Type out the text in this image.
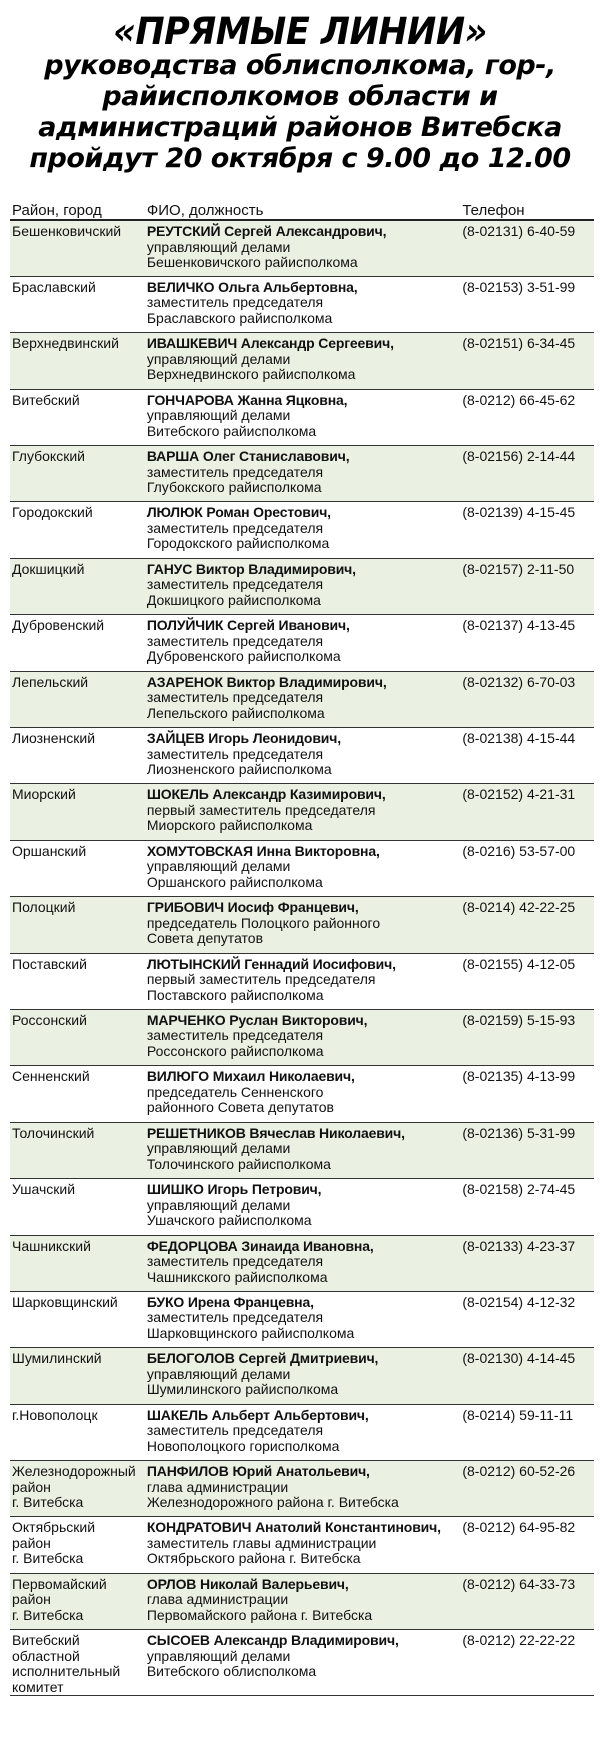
«ПРЯМЫЕ ЛИНИИ»
руководства облисполкома, гор-,
райисполкомов области и
администраций районов Витебска
пройдут 20 октября с 9.00 до 12.00
Район, город	ФИО, должность	Телефон

Бешенковичский	РЕУТСКИЙ Сергей Александрович,
управляющий делами
Бешенковичского райисполкома	(8-02131) 6-40-59

Браславский	ВЕЛИЧКО Ольга Альбертовна,
заместитель председателя
Браславского райисполкома	(8-02153) 3-51-99

Верхнедвинский	ИВАШКЕВИЧ Александр Сергеевич,
управляющий делами
Верхнедвинского райисполкома	(8-02151) 6-34-45

Витебский	ГОНЧАРОВА Жанна Яцковна,
управляющий делами
Витебского райисполкома	(8-0212) 66-45-62

Глубокский	ВАРША Олег Станиславович,
заместитель председателя
Глубокского райисполкома	(8-02156) 2-14-44

Городокский	ЛЮЛЮК Роман Орестович,
заместитель председателя
Городокского райисполкома	(8-02139) 4-15-45

Докшицкий	ГАНУС Виктор Владимирович,
заместитель председателя
Докшицкого райисполкома	(8-02157) 2-11-50

Дубровенский	ПОЛУЙЧИК Сергей Иванович,
заместитель председателя
Дубровенского райисполкома	(8-02137) 4-13-45

Лепельский	АЗАРЕНОК Виктор Владимирович,
заместитель председателя
Лепельского райисполкома	(8-02132) 6-70-03

Лиозненский	ЗАЙЦЕВ Игорь Леонидович,
заместитель председателя
Лиозненского райисполкома	(8-02138) 4-15-44

Миорский	ШОКЕЛЬ Александр Казимирович,
первый заместитель председателя
Миорского райисполкома	(8-02152) 4-21-31

Оршанский	ХОМУТОВСКАЯ Инна Викторовна,
управляющий делами
Оршанского райисполкома	(8-0216) 53-57-00

Полоцкий	ГРИБОВИЧ Иосиф Францевич,
председатель Полоцкого районного
Совета депутатов	(8-0214) 42-22-25

Поставский	ЛЮТЫНСКИЙ Геннадий Иосифович,
первый заместитель председателя
Поставского райисполкома	(8-02155) 4-12-05

Россонский	МАРЧЕНКО Руслан Викторович,
заместитель председателя
Россонского райисполкома	(8-02159) 5-15-93

Сенненский	ВИЛЮГО Михаил Николаевич,
председатель Сенненского
районного Совета депутатов	(8-02135) 4-13-99

Толочинский	РЕШЕТНИКОВ Вячеслав Николаевич,
управляющий делами
Толочинского райисполкома	(8-02136) 5-31-99

Ушачский	ШИШКО Игорь Петрович,
управляющий делами
Ушачского райисполкома	(8-02158) 2-74-45

Чашникский	ФЕДОРЦОВА Зинаида Ивановна,
заместитель председателя
Чашникского райисполкома	(8-02133) 4-23-37

Шарковщинский	БУКО Ирена Францевна,
заместитель председателя
Шарковщинского райисполкома	(8-02154) 4-12-32

Шумилинский	БЕЛОГОЛОВ Сергей Дмитриевич,
управляющий делами
Шумилинского райисполкома	(8-02130) 4-14-45

г.Новополоцк	ШАКЕЛЬ Альберт Альбертович,
заместитель председателя
Новополоцкого горисполкома	(8-0214) 59-11-11

Железнодорожный
район
г. Витебска	ПАНФИЛОВ Юрий Анатольевич,
глава администрации
Железнодорожного района г. Витебска	(8-0212) 60-52-26

Октябрьский
район
г. Витебска	КОНДРАТОВИЧ Анатолий Константинович,
заместитель главы администрации
Октябрьского района г. Витебска	(8-0212) 64-95-82

Первомайский
район
г. Витебска	ОРЛОВ Николай Валерьевич,
глава администрации
Первомайского района г. Витебска	(8-0212) 64-33-73

Витебский
областной
исполнительный
комитет	СЫСОЕВ Александр Владимирович,
управляющий делами
Витебского облисполкома	(8-0212) 22-22-22
